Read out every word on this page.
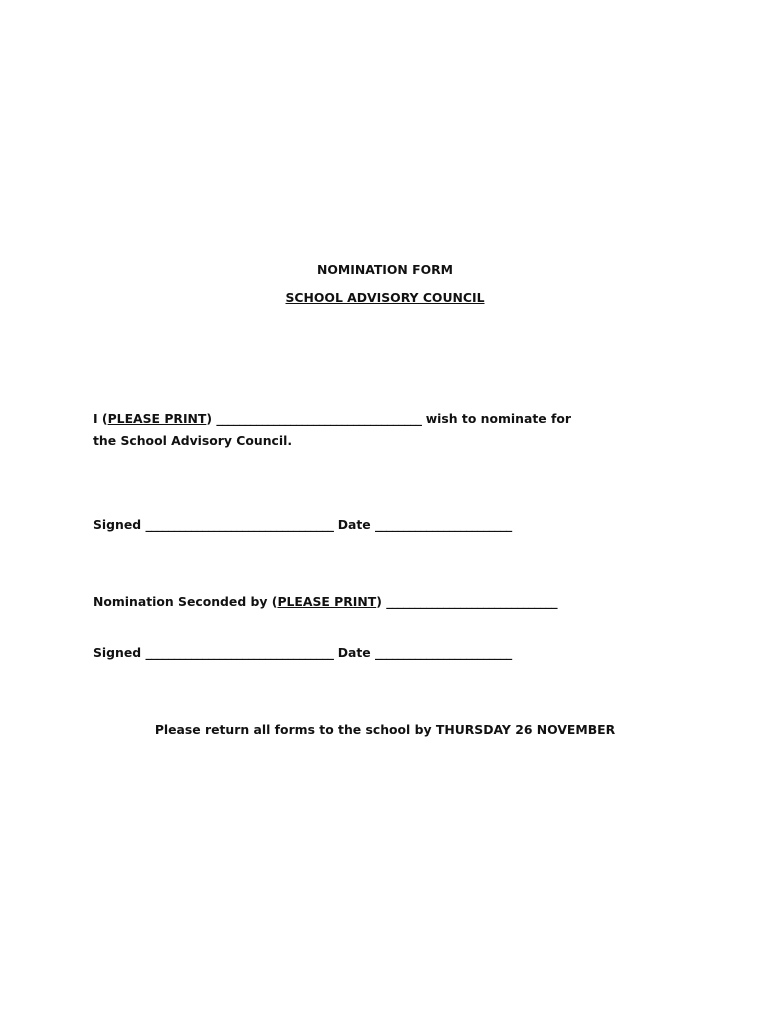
NOMINATION FORM
SCHOOL ADVISORY COUNCIL
I (PLEASE PRINT) ____________________________________ wish to nominate for
the School Advisory Council.
Signed _________________________________ Date ________________________
Nomination Seconded by (PLEASE PRINT) ______________________________
Signed _________________________________ Date ________________________
Please return all forms to the school by THURSDAY 26 NOVEMBER
